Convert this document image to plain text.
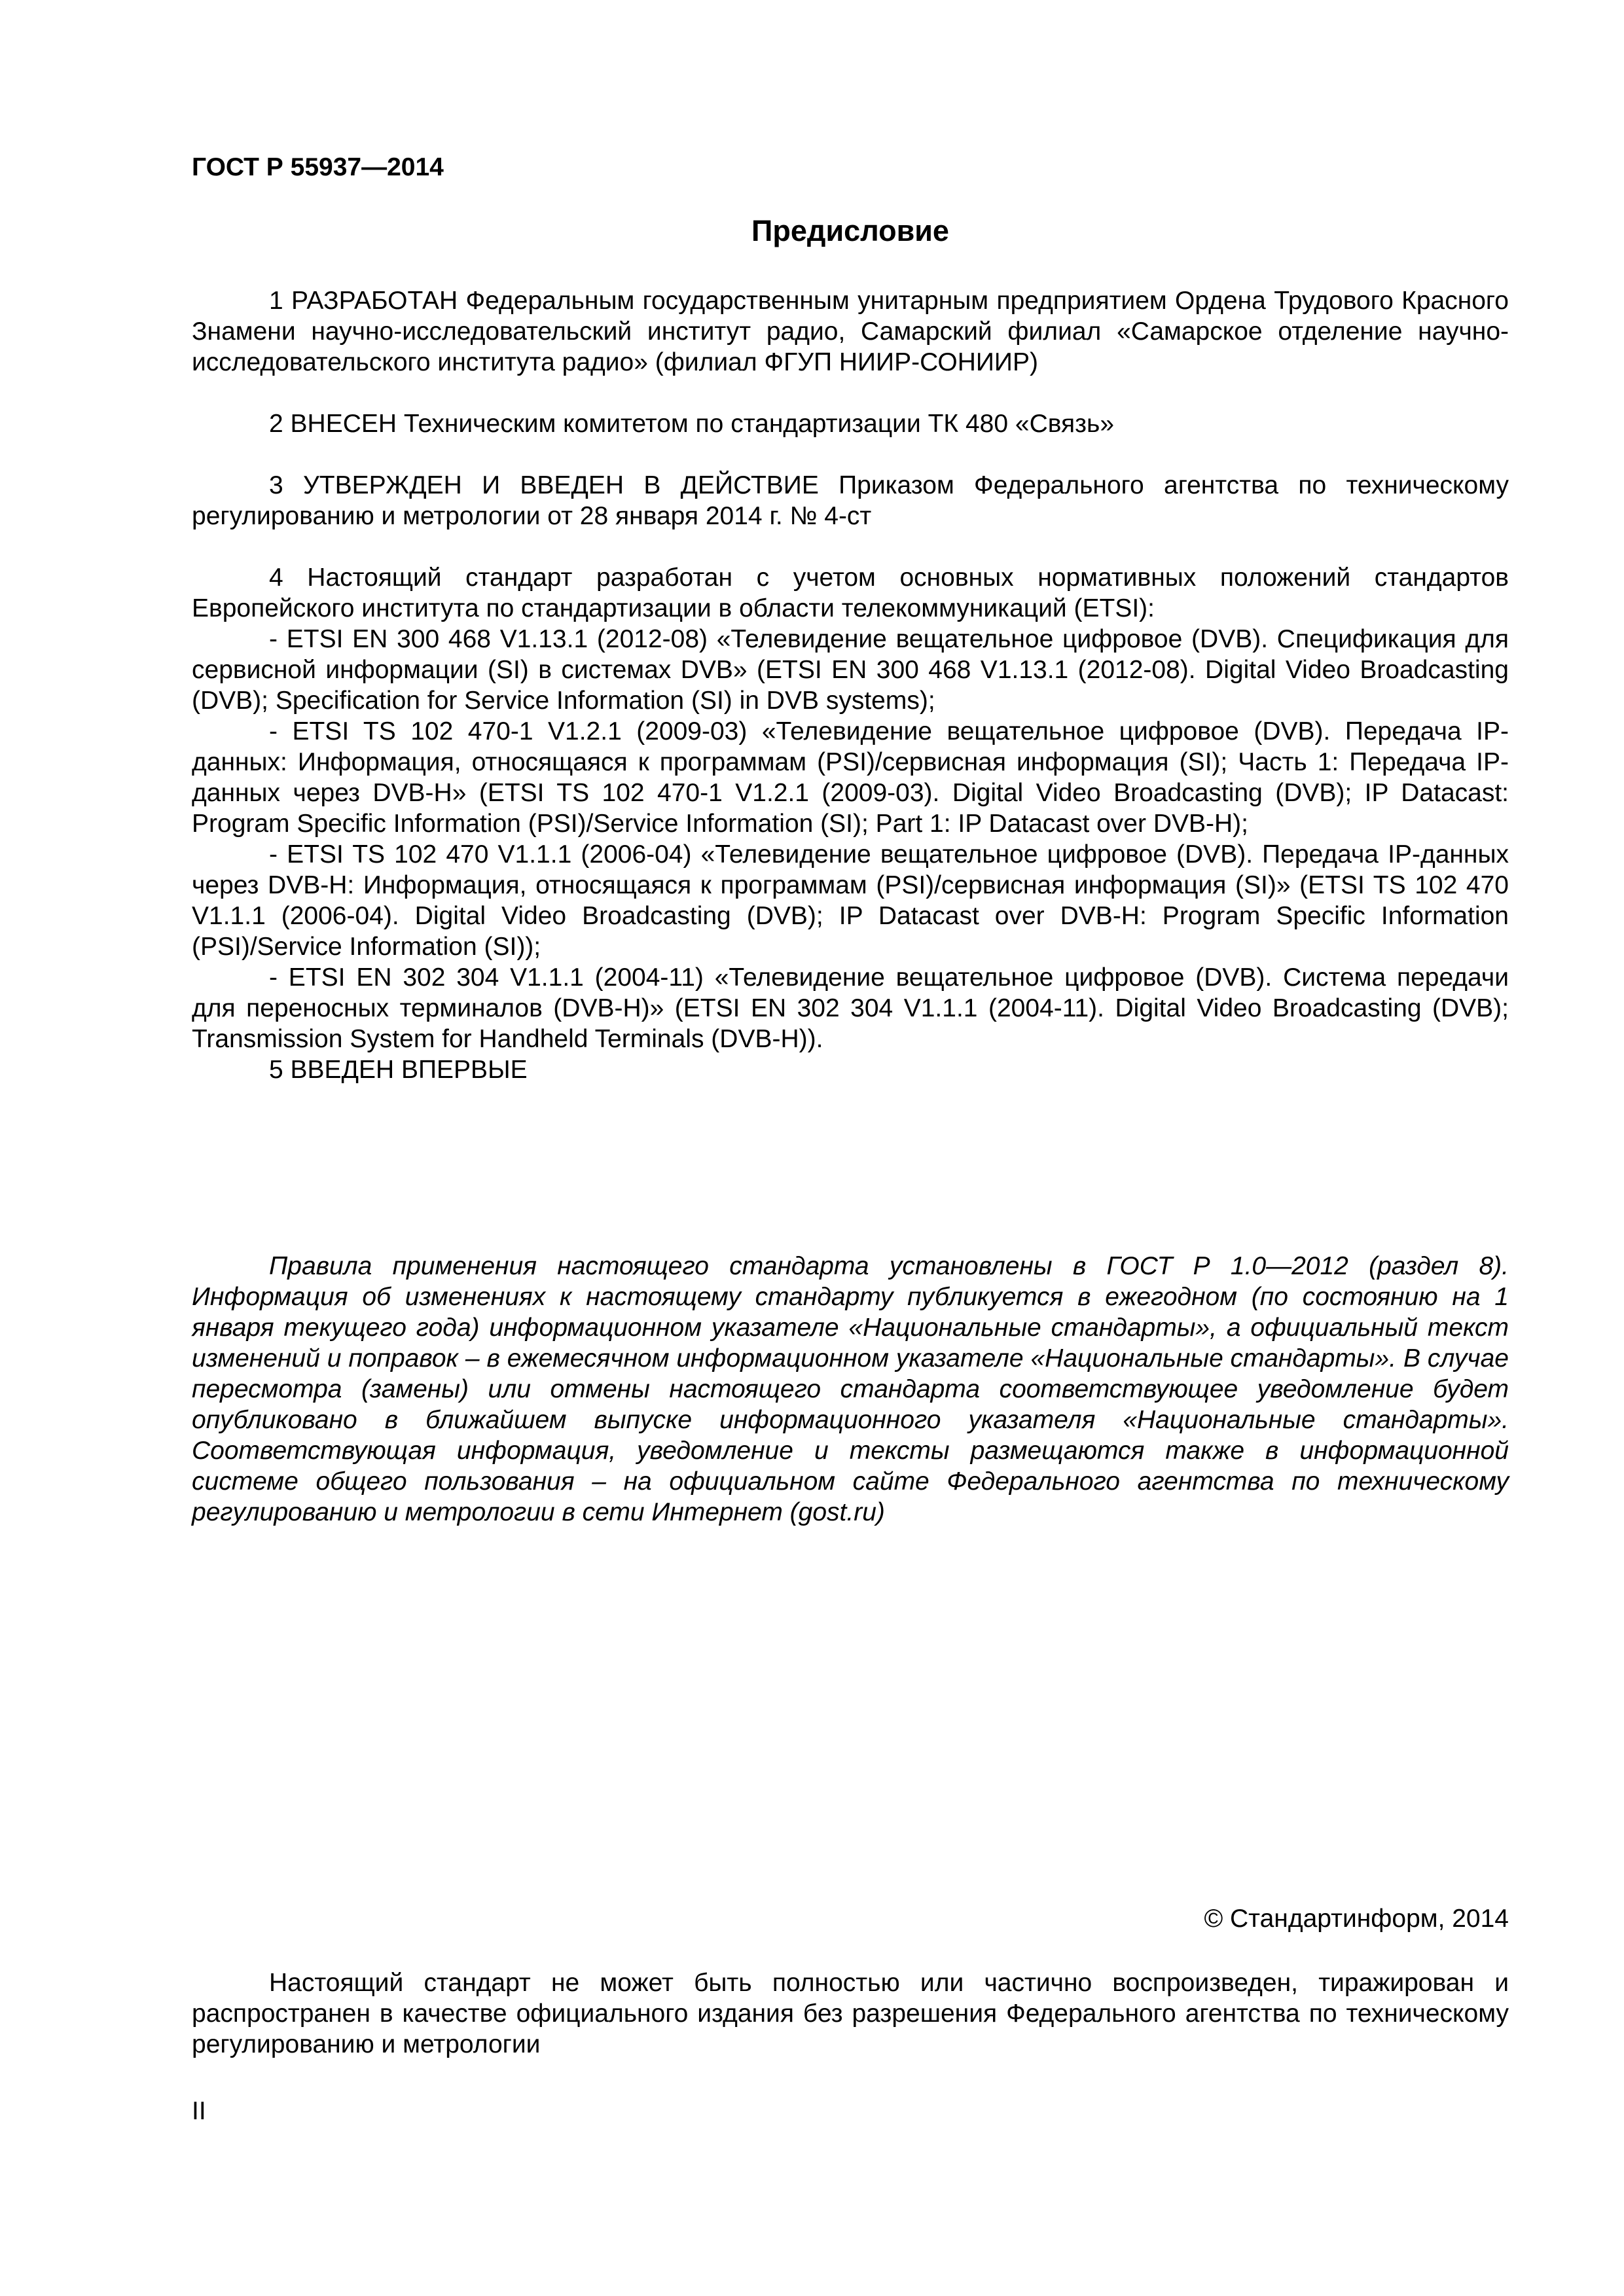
ГОСТ Р 55937—2014
Предисловие

1 РАЗРАБОТАН Федеральным государственным унитарным предприятием Ордена Трудового Красного Знамени научно-исследовательский институт радио, Самарский филиал «Самарское отделение научно-исследовательского института радио» (филиал ФГУП НИИР-СОНИИР)

2 ВНЕСЕН Техническим комитетом по стандартизации ТК 480 «Связь»

3 УТВЕРЖДЕН И ВВЕДЕН В ДЕЙСТВИЕ Приказом Федерального агентства по техническому регулированию и метрологии от 28 января 2014 г. № 4-ст

4 Настоящий стандарт разработан с учетом основных нормативных положений стандартов Европейского института по стандартизации в области телекоммуникаций (ETSI):

- ETSI EN 300 468 V1.13.1 (2012-08) «Телевидение вещательное цифровое (DVB). Спецификация для сервисной информации (SI) в системах DVB» (ETSI EN 300 468 V1.13.1 (2012-08). Digital Video Broadcasting (DVB); Specification for Service Information (SI) in DVB systems);

- ETSI TS 102 470-1 V1.2.1 (2009-03) «Телевидение вещательное цифровое (DVB). Передача IP-данных: Информация, относящаяся к программам (PSI)/сервисная информация (SI); Часть 1: Передача IP-данных через DVB-H» (ETSI TS 102 470-1 V1.2.1 (2009-03). Digital Video Broadcasting (DVB); IP Datacast: Program Specific Information (PSI)/Service Information (SI); Part 1: IP Datacast over DVB-H);

- ETSI TS 102 470 V1.1.1 (2006-04) «Телевидение вещательное цифровое (DVB). Передача IP-данных через DVB-H: Информация, относящаяся к программам (PSI)/сервисная информация (SI)» (ETSI TS 102 470 V1.1.1 (2006-04). Digital Video Broadcasting (DVB); IP Datacast over DVB-H: Program Specific Information (PSI)/Service Information (SI));

- ETSI EN 302 304 V1.1.1 (2004-11) «Телевидение вещательное цифровое (DVB). Система передачи для переносных терминалов (DVB-H)» (ETSI EN 302 304 V1.1.1 (2004-11). Digital Video Broadcasting (DVB); Transmission System for Handheld Terminals (DVB-H)).

5 ВВЕДЕН ВПЕРВЫЕ

Правила применения настоящего стандарта установлены в ГОСТ Р 1.0—2012 (раздел 8). Информация об изменениях к настоящему стандарту публикуется в ежегодном (по состоянию на 1 января текущего года) информационном указателе «Национальные стандарты», а официальный текст изменений и поправок – в ежемесячном информационном указателе «Национальные стандарты». В случае пересмотра (замены) или отмены настоящего стандарта соответствующее уведомление будет опубликовано в ближайшем выпуске информационного указателя «Национальные стандарты». Соответствующая информация, уведомление и тексты размещаются также в информационной системе общего пользования – на официальном сайте Федерального агентства по техническому регулированию и метрологии в сети Интернет (gost.ru)

© Стандартинформ, 2014

Настоящий стандарт не может быть полностью или частично воспроизведен, тиражирован и распространен в качестве официального издания без разрешения Федерального агентства по техническому регулированию и метрологии

II
